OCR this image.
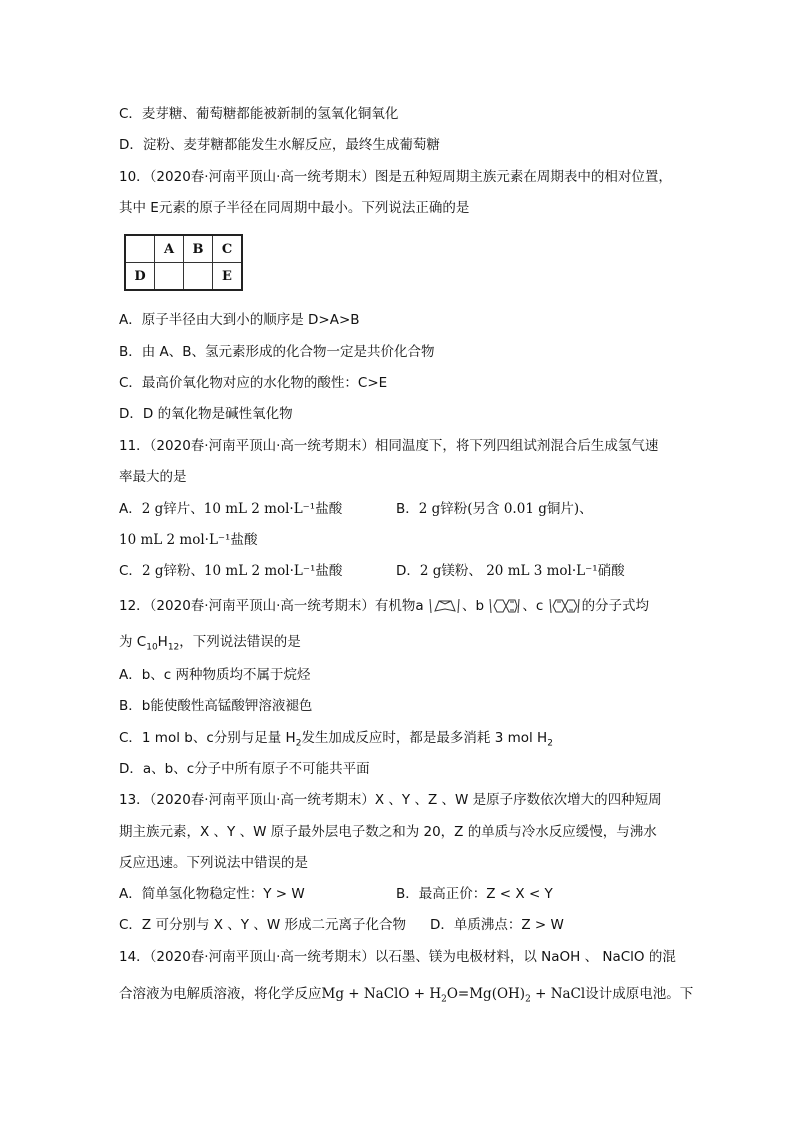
C．麦芽糖、葡萄糖都能被新制的氢氧化铜氧化
D．淀粉、麦芽糖都能发生水解反应，最终生成葡萄糖
10．（2020春·河南平顶山·高一统考期末）图是五种短周期主族元素在周期表中的相对位置，
其中 E元素的原子半径在同周期中最小。下列说法正确的是
	A	B	C
D			E
A．原子半径由大到小的顺序是 D>A>B
B．由 A、B、氢元素形成的化合物一定是共价化合物
C．最高价氧化物对应的水化物的酸性：C>E
D．D 的氧化物是碱性氧化物
11．（2020春·河南平顶山·高一统考期末）相同温度下，将下列四组试剂混合后生成氢气速
率最大的是
A．2 g锌片、10 mL 2 mol·L⁻¹盐酸	B．2 g锌粉(另含 0.01 g铜片)、
10 mL 2 mol·L⁻¹盐酸
C．2 g锌粉、10 mL 2 mol·L⁻¹盐酸	D．2 g镁粉、 20 mL 3 mol·L⁻¹硝酸
12．（2020春·河南平顶山·高一统考期末）有机物a	、b	、c	的分子式均
为 $C_{10}H_{12}$，下列说法错误的是
A．b、c 两种物质均不属于烷烃
B．b能使酸性高锰酸钾溶液褪色
C．1 mol b、c分别与足量 $H_2$发生加成反应时，都是最多消耗 3 mol $H_2$
D．a、b、c分子中所有原子不可能共平面
13．（2020春·河南平顶山·高一统考期末）X 、Y 、Z 、W 是原子序数依次增大的四种短周
期主族元素，X 、Y 、W 原子最外层电子数之和为 20，Z 的单质与冷水反应缓慢，与沸水
反应迅速。下列说法中错误的是
A．简单氢化物稳定性：Y > W	B．最高正价：Z < X < Y
C．Z 可分别与 X 、Y 、W 形成二元离子化合物 D．单质沸点：Z > W
14．（2020春·河南平顶山·高一统考期末）以石墨、镁为电极材料，以 NaOH 、 NaClO 的混
合溶液为电解质溶液，将化学反应Mg + NaClO + $H_2O=Mg(OH)_2$ + NaCl设计成原电池。下
